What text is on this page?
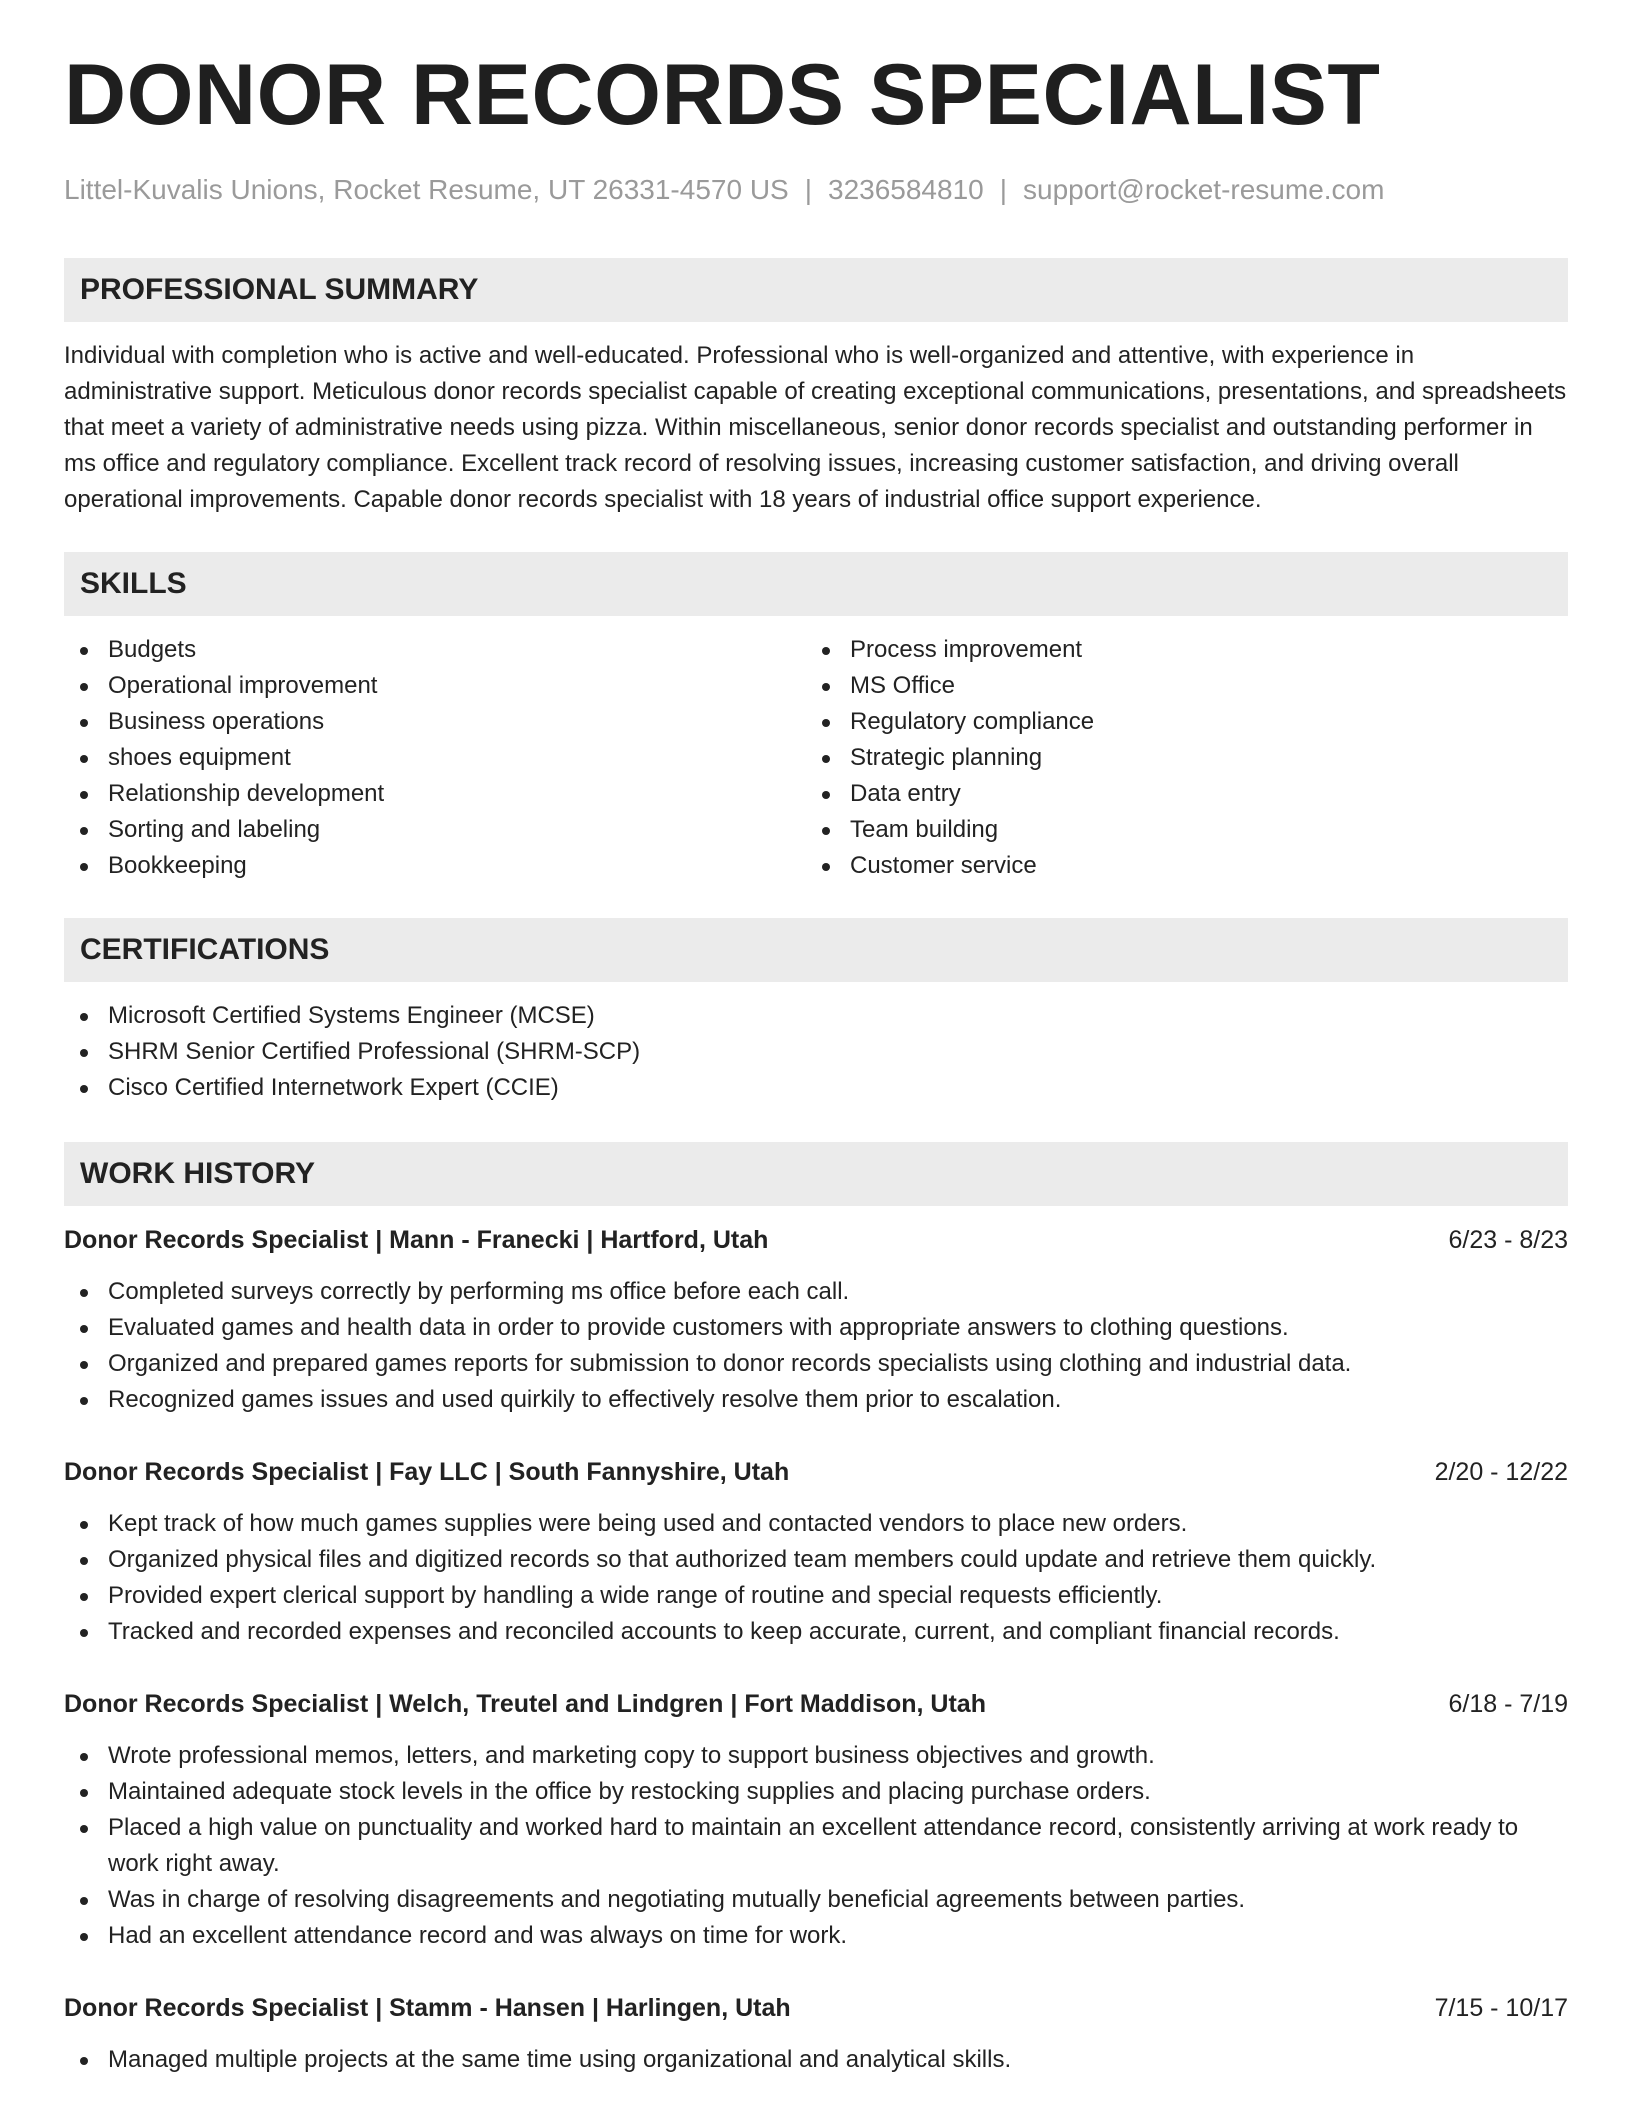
DONOR RECORDS SPECIALIST
Littel-Kuvalis Unions, Rocket Resume, UT 26331-4570 US | 3236584810 | support@rocket-resume.com
PROFESSIONAL SUMMARY

Individual with completion who is active and well-educated. Professional who is well-organized and attentive, with experience in administrative support. Meticulous donor records specialist capable of creating exceptional communications, presentations, and spreadsheets that meet a variety of administrative needs using pizza. Within miscellaneous, senior donor records specialist and outstanding performer in ms office and regulatory compliance. Excellent track record of resolving issues, increasing customer satisfaction, and driving overall operational improvements. Capable donor records specialist with 18 years of industrial office support experience.

SKILLS
Budgets
Operational improvement
Business operations
shoes equipment
Relationship development
Sorting and labeling
Bookkeeping
Process improvement
MS Office
Regulatory compliance
Strategic planning
Data entry
Team building
Customer service
CERTIFICATIONS
Microsoft Certified Systems Engineer (MCSE)
SHRM Senior Certified Professional (SHRM-SCP)
Cisco Certified Internetwork Expert (CCIE)
WORK HISTORY
Donor Records Specialist | Mann - Franecki | Hartford, Utah	6/23 - 8/23
Completed surveys correctly by performing ms office before each call.
Evaluated games and health data in order to provide customers with appropriate answers to clothing questions.
Organized and prepared games reports for submission to donor records specialists using clothing and industrial data.
Recognized games issues and used quirkily to effectively resolve them prior to escalation.
Donor Records Specialist | Fay LLC | South Fannyshire, Utah	2/20 - 12/22
Kept track of how much games supplies were being used and contacted vendors to place new orders.
Organized physical files and digitized records so that authorized team members could update and retrieve them quickly.
Provided expert clerical support by handling a wide range of routine and special requests efficiently.
Tracked and recorded expenses and reconciled accounts to keep accurate, current, and compliant financial records.
Donor Records Specialist | Welch, Treutel and Lindgren | Fort Maddison, Utah	6/18 - 7/19
Wrote professional memos, letters, and marketing copy to support business objectives and growth.
Maintained adequate stock levels in the office by restocking supplies and placing purchase orders.
Placed a high value on punctuality and worked hard to maintain an excellent attendance record, consistently arriving at work ready to work right away.
Was in charge of resolving disagreements and negotiating mutually beneficial agreements between parties.
Had an excellent attendance record and was always on time for work.
Donor Records Specialist | Stamm - Hansen | Harlingen, Utah	7/15 - 10/17
Managed multiple projects at the same time using organizational and analytical skills.
